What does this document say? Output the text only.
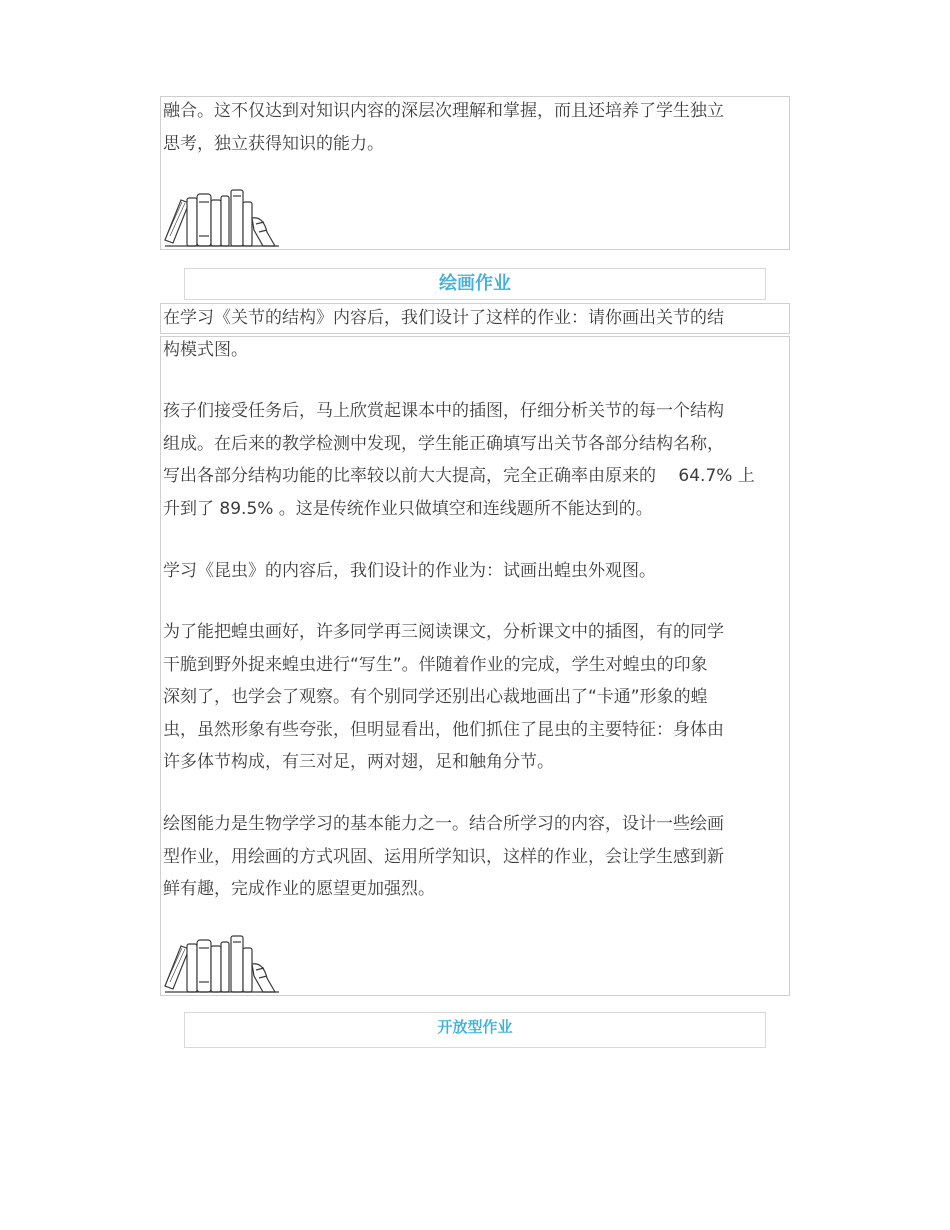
融合。这不仅达到对知识内容的深层次理解和掌握，而且还培养了学生独立
思考，独立获得知识的能力。
绘画作业
在学习《关节的结构》内容后，我们设计了这样的作业：请你画出关节的结
构模式图。
孩子们接受任务后，马上欣赏起课本中的插图，仔细分析关节的每一个结构
组成。在后来的教学检测中发现，学生能正确填写出关节各部分结构名称，
写出各部分结构功能的比率较以前大大提高，完全正确率由原来的　 64.7% 上
升到了 89.5% 。这是传统作业只做填空和连线题所不能达到的。
学习《昆虫》的内容后，我们设计的作业为：试画出蝗虫外观图。
为了能把蝗虫画好，许多同学再三阅读课文，分析课文中的插图，有的同学
干脆到野外捉来蝗虫进行“写生”。伴随着作业的完成，学生对蝗虫的印象
深刻了，也学会了观察。有个别同学还别出心裁地画出了“卡通”形象的蝗
虫，虽然形象有些夸张，但明显看出，他们抓住了昆虫的主要特征：身体由
许多体节构成，有三对足，两对翅，足和触角分节。
绘图能力是生物学学习的基本能力之一。结合所学习的内容，设计一些绘画
型作业，用绘画的方式巩固、运用所学知识，这样的作业，会让学生感到新
鲜有趣，完成作业的愿望更加强烈。
开放型作业
